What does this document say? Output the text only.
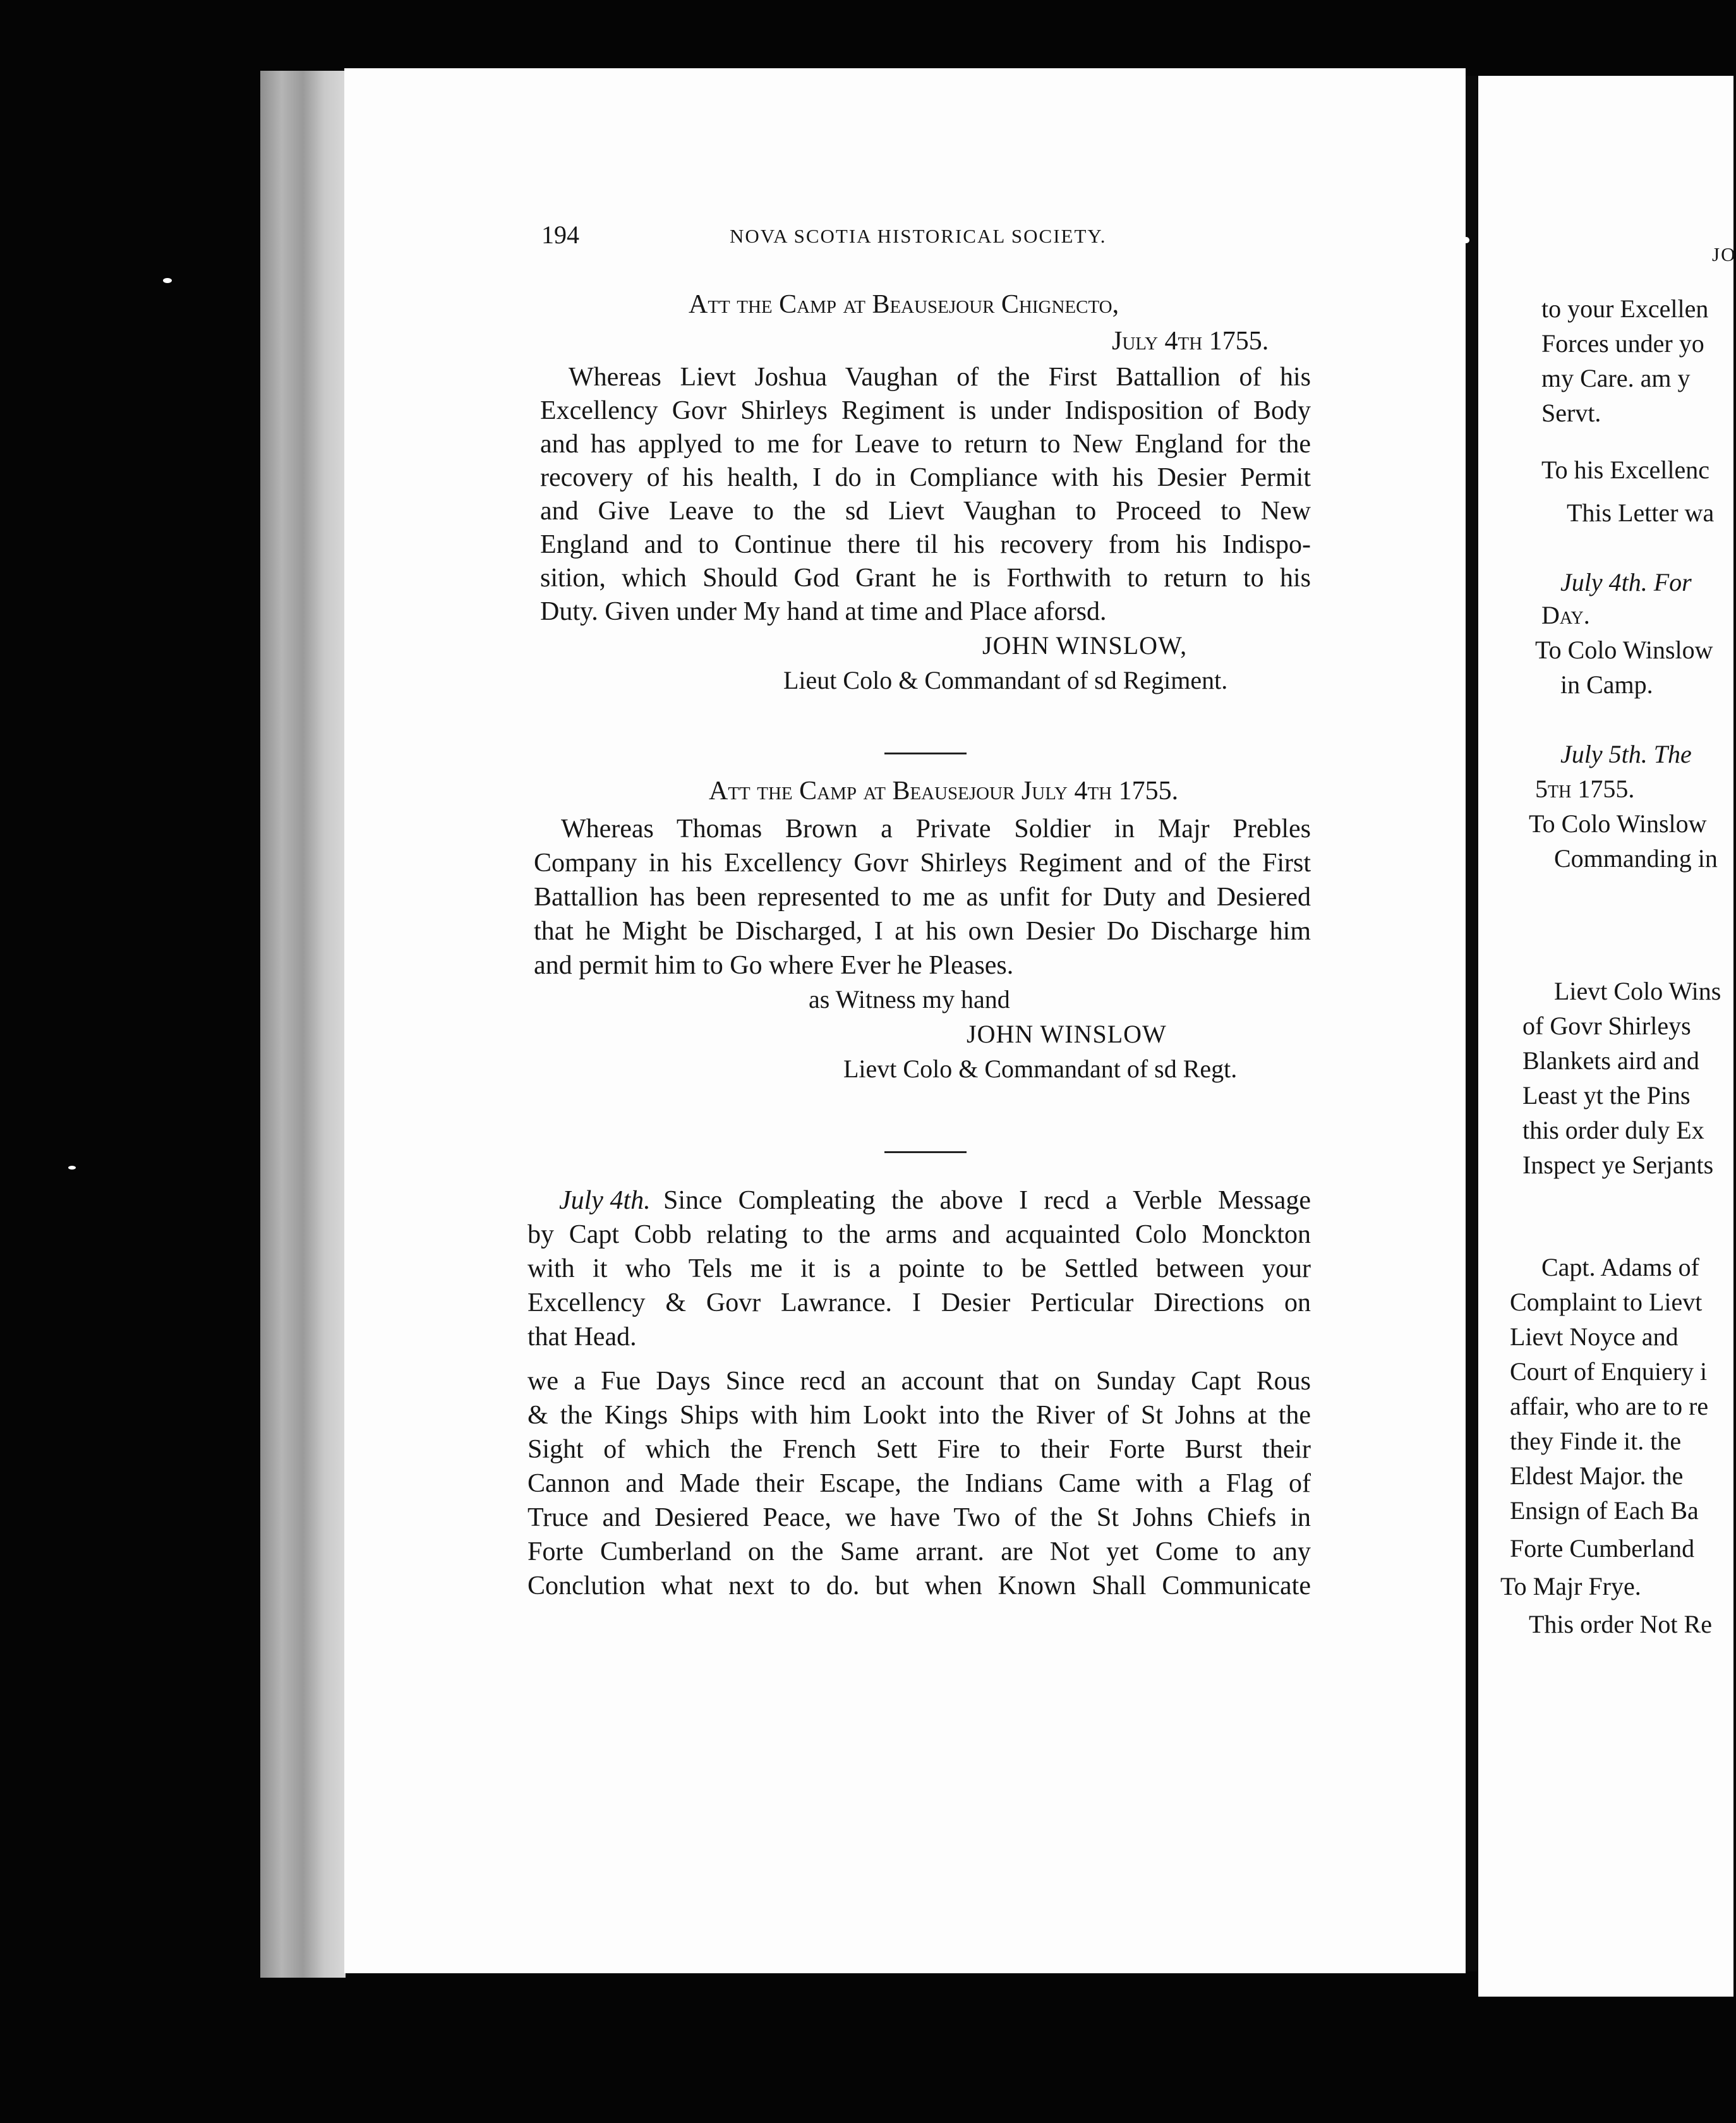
194	NOVA SCOTIA HISTORICAL SOCIETY.
Att the Camp at Beausejour Chignecto,
July 4th 1755.
Whereas Lievt Joshua Vaughan of the First Battallion of his
Excellency Govr Shirleys Regiment is under Indisposition of Body
and has applyed to me for Leave to return to New England for the
recovery of his health, I do in Compliance with his Desier Permit
and Give Leave to the sd Lievt Vaughan to Proceed to New
England and to Continue there til his recovery from his Indispo-
sition, which Should God Grant he is Forthwith to return to his
Duty. Given under My hand at time and Place aforsd.
JOHN WINSLOW,
Lieut Colo & Commandant of sd Regiment.
Att the Camp at Beausejour July 4th 1755.
Whereas Thomas Brown a Private Soldier in Majr Prebles
Company in his Excellency Govr Shirleys Regiment and of the First
Battallion has been represented to me as unfit for Duty and Desiered
that he Might be Discharged, I at his own Desier Do Discharge him
and permit him to Go where Ever he Pleases.
as Witness my hand
JOHN WINSLOW
Lievt Colo & Commandant of sd Regt.
July 4th. Since Compleating the above I recd a Verble Message
by Capt Cobb relating to the arms and acquainted Colo Monckton
with it who Tels me it is a pointe to be Settled between your
Excellency & Govr Lawrance. I Desier Perticular Directions on
that Head.
we a Fue Days Since recd an account that on Sunday Capt Rous
& the Kings Ships with him Lookt into the River of St Johns at the
Sight of which the French Sett Fire to their Forte Burst their
Cannon and Made their Escape, the Indians Came with a Flag of
Truce and Desiered Peace, we have Two of the St Johns Chiefs in
Forte Cumberland on the Same arrant. are Not yet Come to any
Conclution what next to do. but when Known Shall Communicate
JO
to your Excellen
Forces under yo
my Care. am y
Servt.
To his Excellenc
This Letter wa
July 4th. For
Day.
To Colo Winslow
in Camp.
July 5th. The
5th 1755.
To Colo Winslow
Commanding in
Lievt Colo Wins
of Govr Shirleys
Blankets aird and
Least yt the Pins
this order duly Ex
Inspect ye Serjants
Capt. Adams of
Complaint to Lievt
Lievt Noyce and
Court of Enquiery i
affair, who are to re
they Finde it. the
Eldest Major. the
Ensign of Each Ba
Forte Cumberland
To Majr Frye.
This order Not Re
